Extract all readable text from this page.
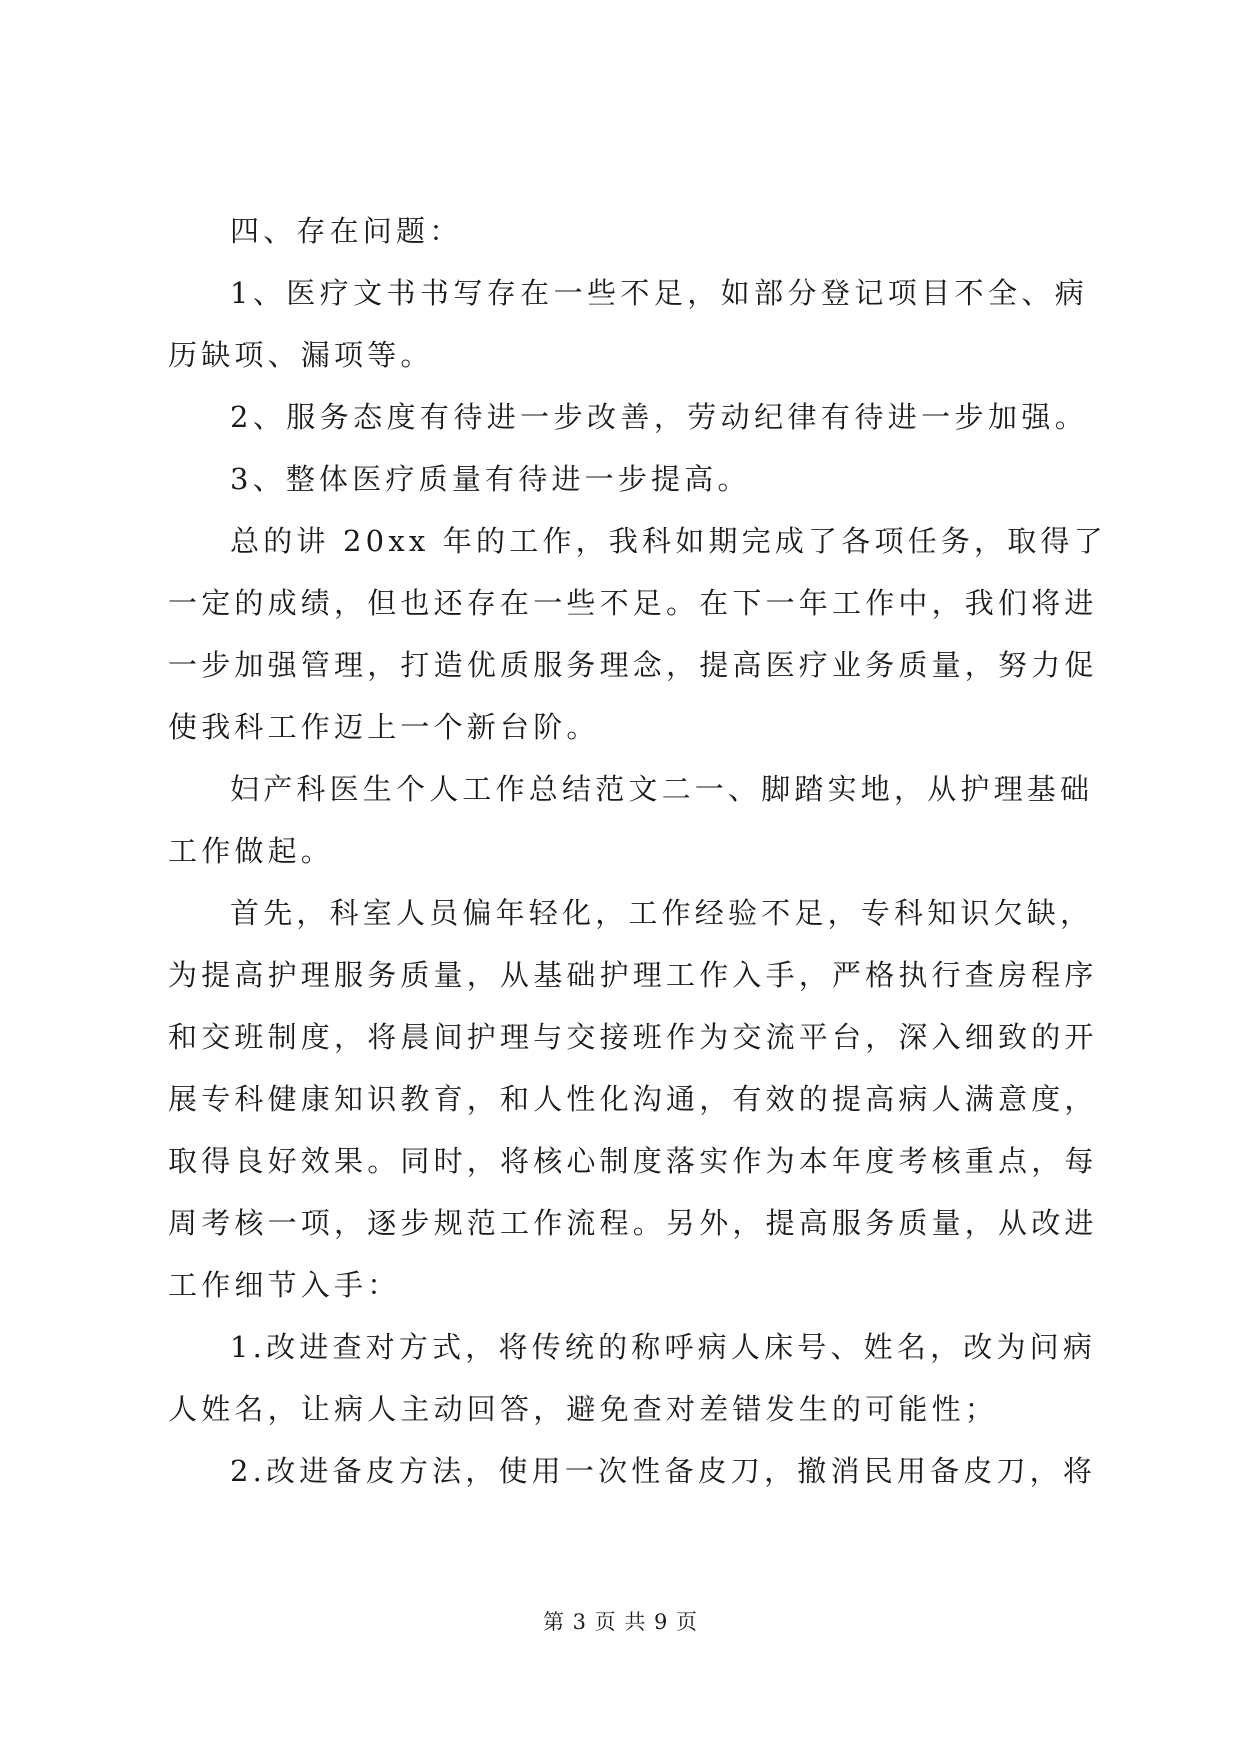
四、存在问题：
1、医疗文书书写存在一些不足，如部分登记项目不全、病
历缺项、漏项等。
2、服务态度有待进一步改善，劳动纪律有待进一步加强。
3、整体医疗质量有待进一步提高。
总的讲 20xx 年的工作，我科如期完成了各项任务，取得了
一定的成绩，但也还存在一些不足。在下一年工作中，我们将进
一步加强管理，打造优质服务理念，提高医疗业务质量，努力促
使我科工作迈上一个新台阶。
妇产科医生个人工作总结范文二一、脚踏实地，从护理基础
工作做起。
首先，科室人员偏年轻化，工作经验不足，专科知识欠缺，
为提高护理服务质量，从基础护理工作入手，严格执行查房程序
和交班制度，将晨间护理与交接班作为交流平台，深入细致的开
展专科健康知识教育，和人性化沟通，有效的提高病人满意度，
取得良好效果。同时，将核心制度落实作为本年度考核重点，每
周考核一项，逐步规范工作流程。另外，提高服务质量，从改进
工作细节入手：
1.改进查对方式，将传统的称呼病人床号、姓名，改为问病
人姓名，让病人主动回答，避免查对差错发生的可能性；
2.改进备皮方法，使用一次性备皮刀，撤消民用备皮刀，将
第 3 页 共 9 页
